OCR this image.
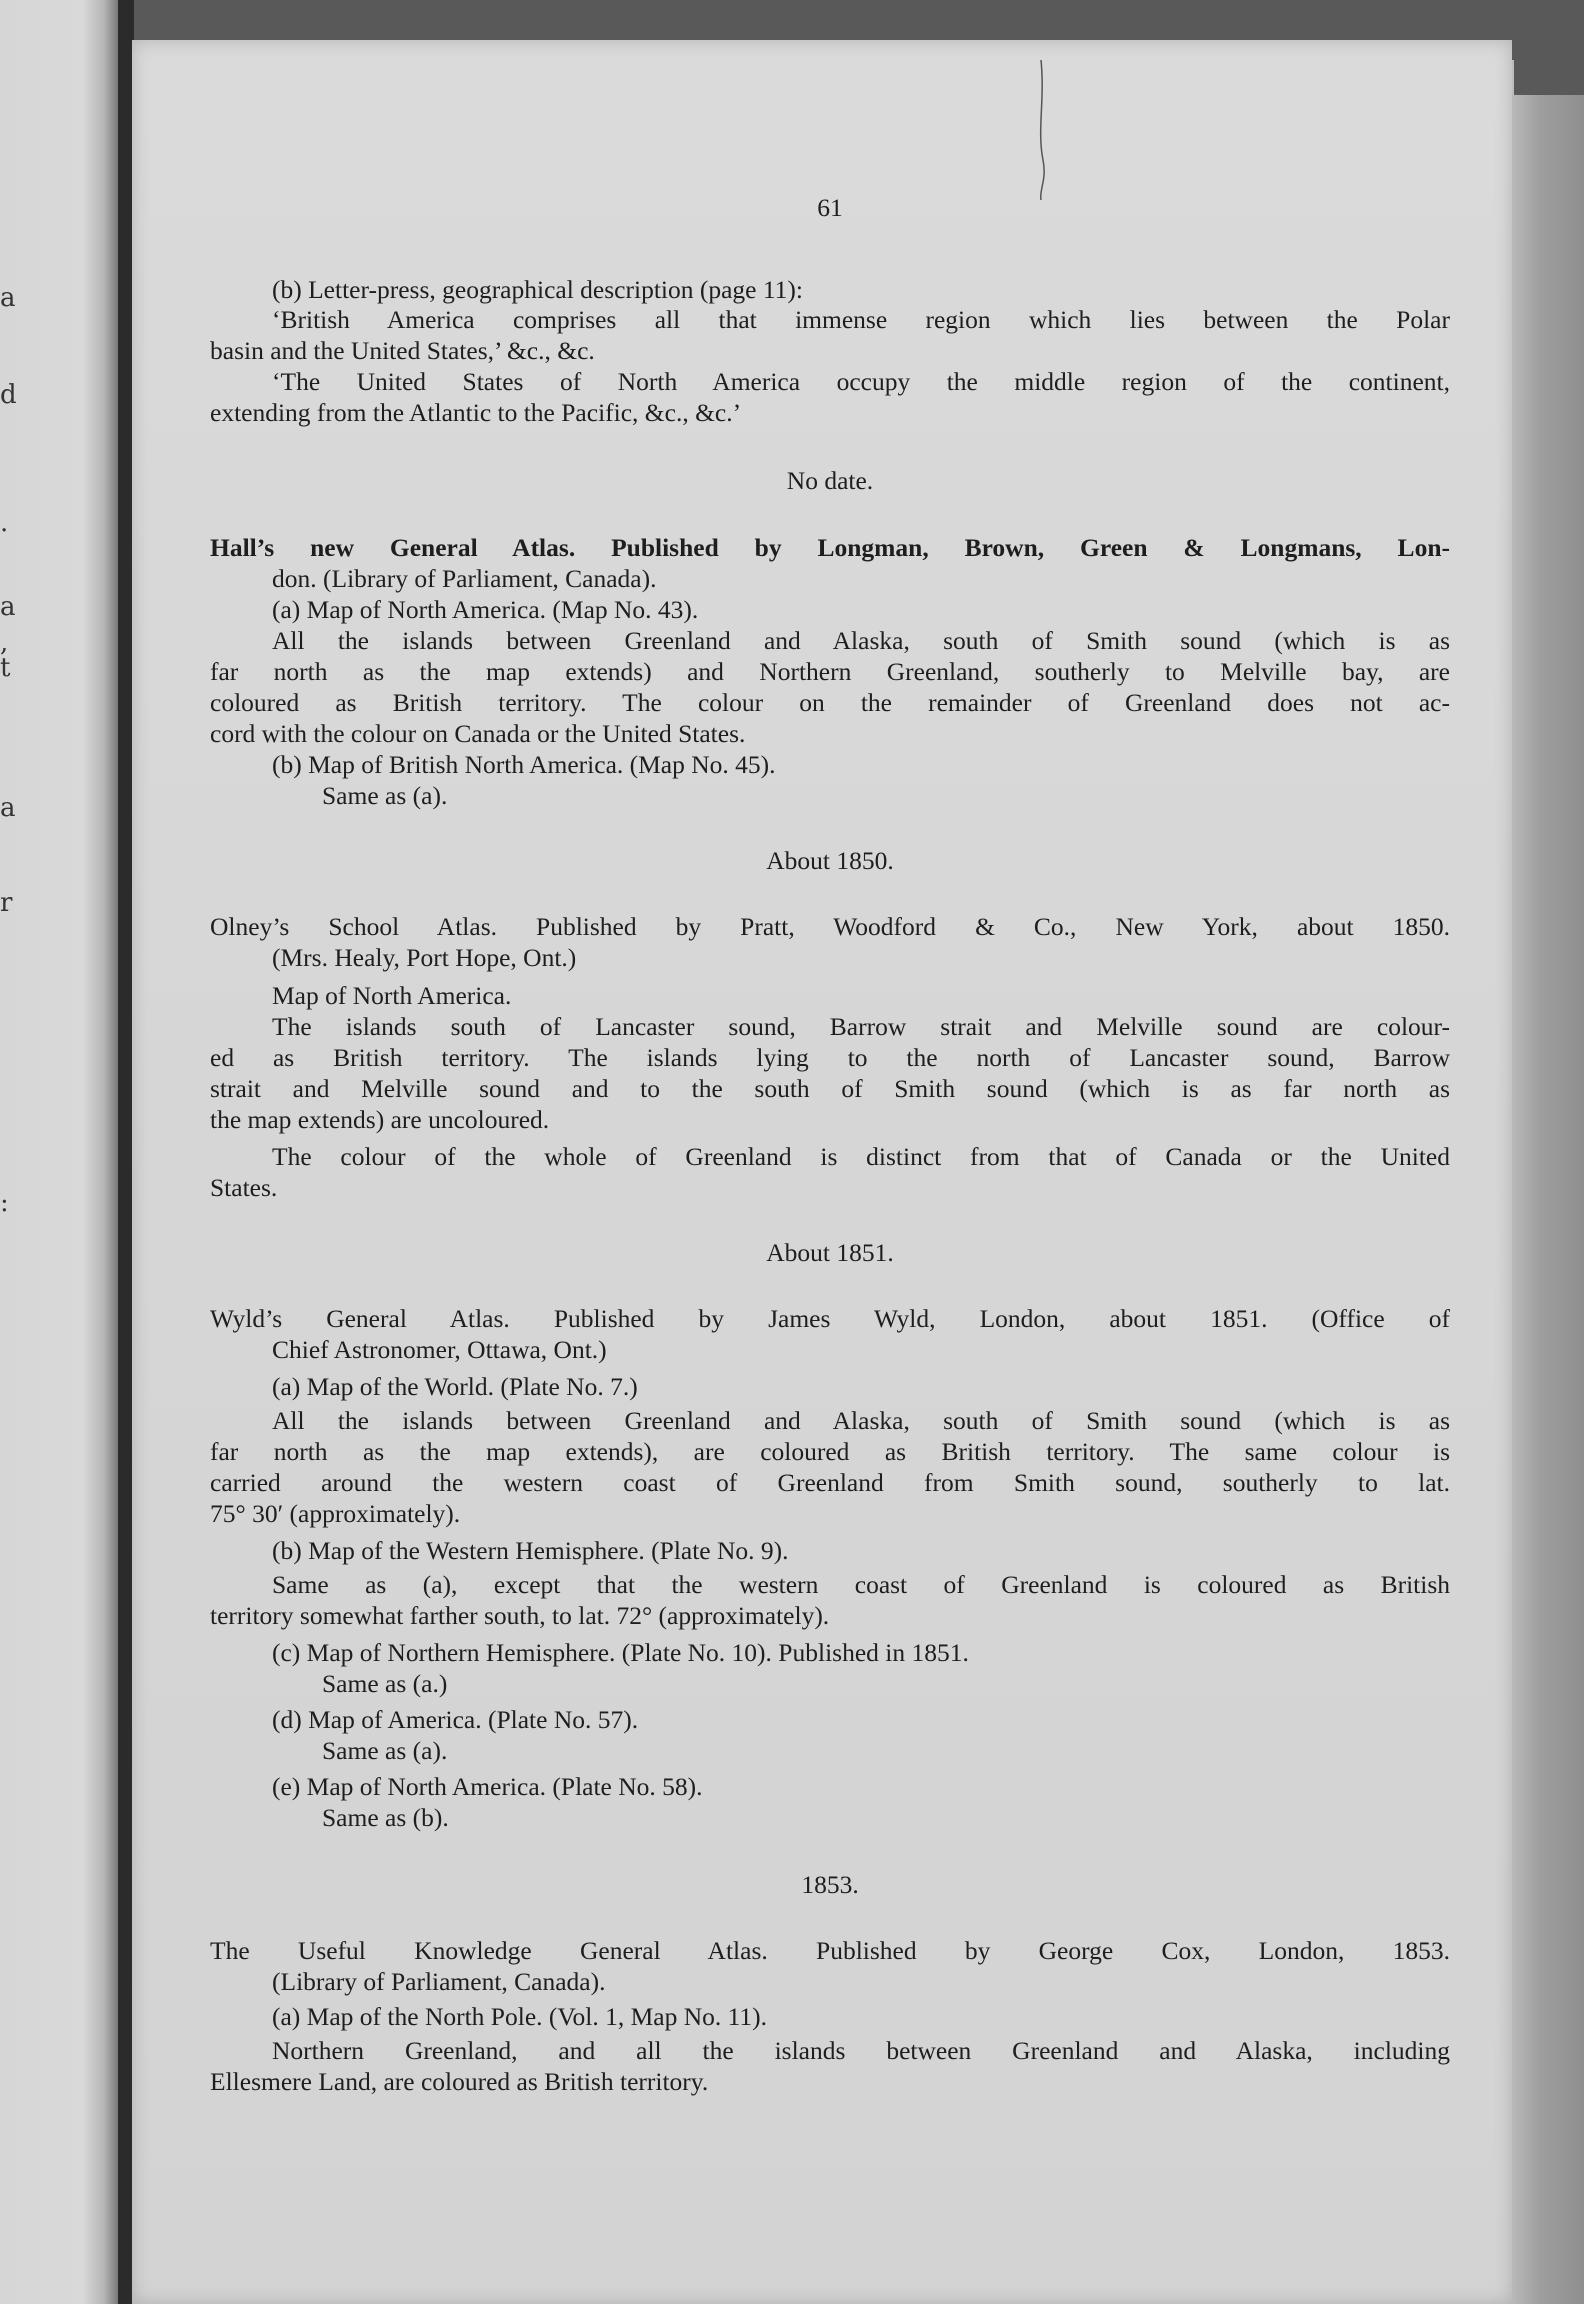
a
d
.
a
,
t
a
r
:
61
(b) Letter-press, geographical description (page 11):
‘British America comprises all that immense region which lies between the Polar
basin and the United States,’ &c., &c.
‘The United States of North America occupy the middle region of the continent,
extending from the Atlantic to the Pacific, &c., &c.’
No date.
Hall’s new General Atlas. Published by Longman, Brown, Green & Longmans, Lon-
don. (Library of Parliament, Canada).
(a) Map of North America. (Map No. 43).
All the islands between Greenland and Alaska, south of Smith sound (which is as
far north as the map extends) and Northern Greenland, southerly to Melville bay, are
coloured as British territory. The colour on the remainder of Greenland does not ac-
cord with the colour on Canada or the United States.
(b) Map of British North America. (Map No. 45).
Same as (a).
About 1850.
Olney’s School Atlas. Published by Pratt, Woodford & Co., New York, about 1850.
(Mrs. Healy, Port Hope, Ont.)
Map of North America.
The islands south of Lancaster sound, Barrow strait and Melville sound are colour-
ed as British territory. The islands lying to the north of Lancaster sound, Barrow
strait and Melville sound and to the south of Smith sound (which is as far north as
the map extends) are uncoloured.
The colour of the whole of Greenland is distinct from that of Canada or the United
States.
About 1851.
Wyld’s General Atlas. Published by James Wyld, London, about 1851. (Office of
Chief Astronomer, Ottawa, Ont.)
(a) Map of the World. (Plate No. 7.)
All the islands between Greenland and Alaska, south of Smith sound (which is as
far north as the map extends), are coloured as British territory. The same colour is
carried around the western coast of Greenland from Smith sound, southerly to lat.
75° 30′ (approximately).
(b) Map of the Western Hemisphere. (Plate No. 9).
Same as (a), except that the western coast of Greenland is coloured as British
territory somewhat farther south, to lat. 72° (approximately).
(c) Map of Northern Hemisphere. (Plate No. 10). Published in 1851.
Same as (a.)
(d) Map of America. (Plate No. 57).
Same as (a).
(e) Map of North America. (Plate No. 58).
Same as (b).
1853.
The Useful Knowledge General Atlas. Published by George Cox, London, 1853.
(Library of Parliament, Canada).
(a) Map of the North Pole. (Vol. 1, Map No. 11).
Northern Greenland, and all the islands between Greenland and Alaska, including
Ellesmere Land, are coloured as British territory.
